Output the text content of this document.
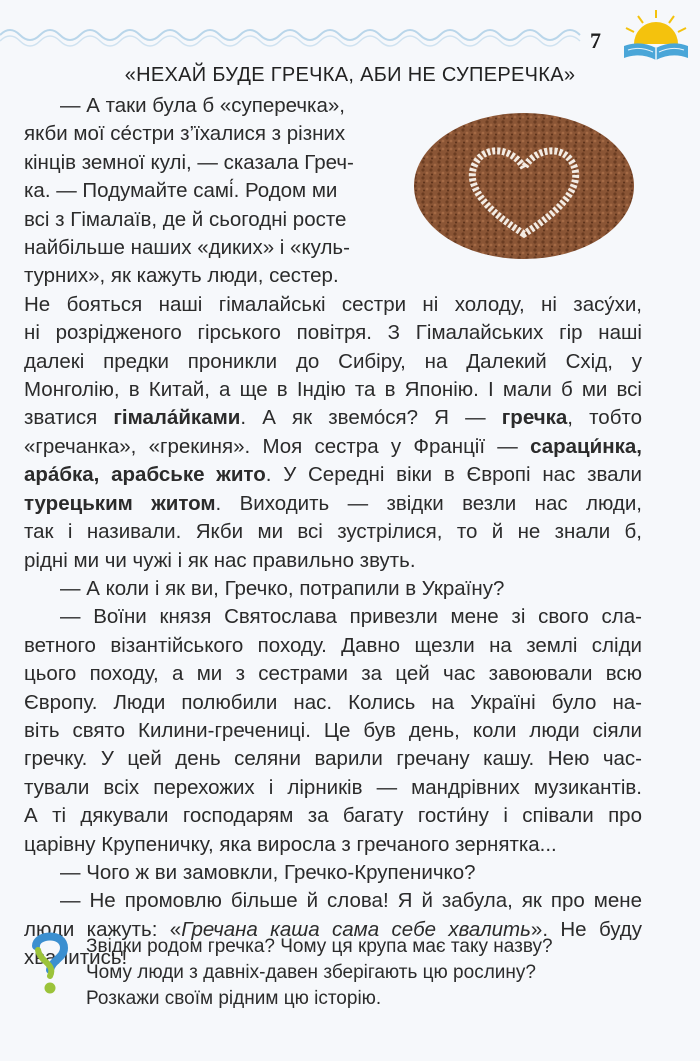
7
«НЕХАЙ БУДЕ ГРЕЧКА, АБИ НЕ СУПЕРЕЧКА»

— А таки була б «суперечка»,
якби мої се́стри з’їхалися з різних
кінців земної кулі, — сказала Греч-
ка. — Подумайте самі́. Родом ми
всі з Гімалаїв, де й сьогодні росте
найбільше наших «диких» і «куль-
турних», як кажуть люди, сестер.
Не бояться наші гімалайські сестри ні холоду, ні засу́хи,
ні розрідженого гірського повітря. З Гімалайських гір наші
далекі предки проникли до Сибіру, на Далекий Схід, у
Монголію, в Китай, а ще в Індію та в Японію. І мали б ми всі
зватися гімала́йками. А як звемо́ся? Я — гречка, тобто
«гречанка», «грекиня». Моя сестра у Франції — сараци́нка,
ара́бка, арабське жито. У Середні віки в Європі нас звали
турецьким житом. Виходить — звідки везли нас люди,
так і називали. Якби ми всі зустрілися, то й не знали б,
рідні ми чи чужі і як нас правильно звуть.

— А коли і як ви, Гречко, потрапили в Україну?

— Воїни князя Святослава привезли мене зі свого сла-
ветного візантійського походу. Давно щезли на землі сліди
цього походу, а ми з сестрами за цей час завоювали всю
Європу. Люди полюбили нас. Колись на Україні було на-
віть свято Килини-гречениці. Це був день, коли люди сіяли
гречку. У цей день селяни варили гречану кашу. Нею час-
тували всіх перехожих і лірників — мандрівних музикантів.
А ті дякували господарям за багату гости́ну і співали про
царівну Крупеничку, яка виросла з гречаного зернятка...

— Чого ж ви замовкли, Гречко-Крупеничко?

— Не промовлю більше й слова! Я й забула, як про мене
люди кажуть: «Гречана каша сама себе хвалить». Не буду
хвалитись!

Звідки родом гречка? Чому ця крупа має таку назву?
Чому люди з давніх-давен зберігають цю рослину?
Розкажи своїм рідним цю історію.
